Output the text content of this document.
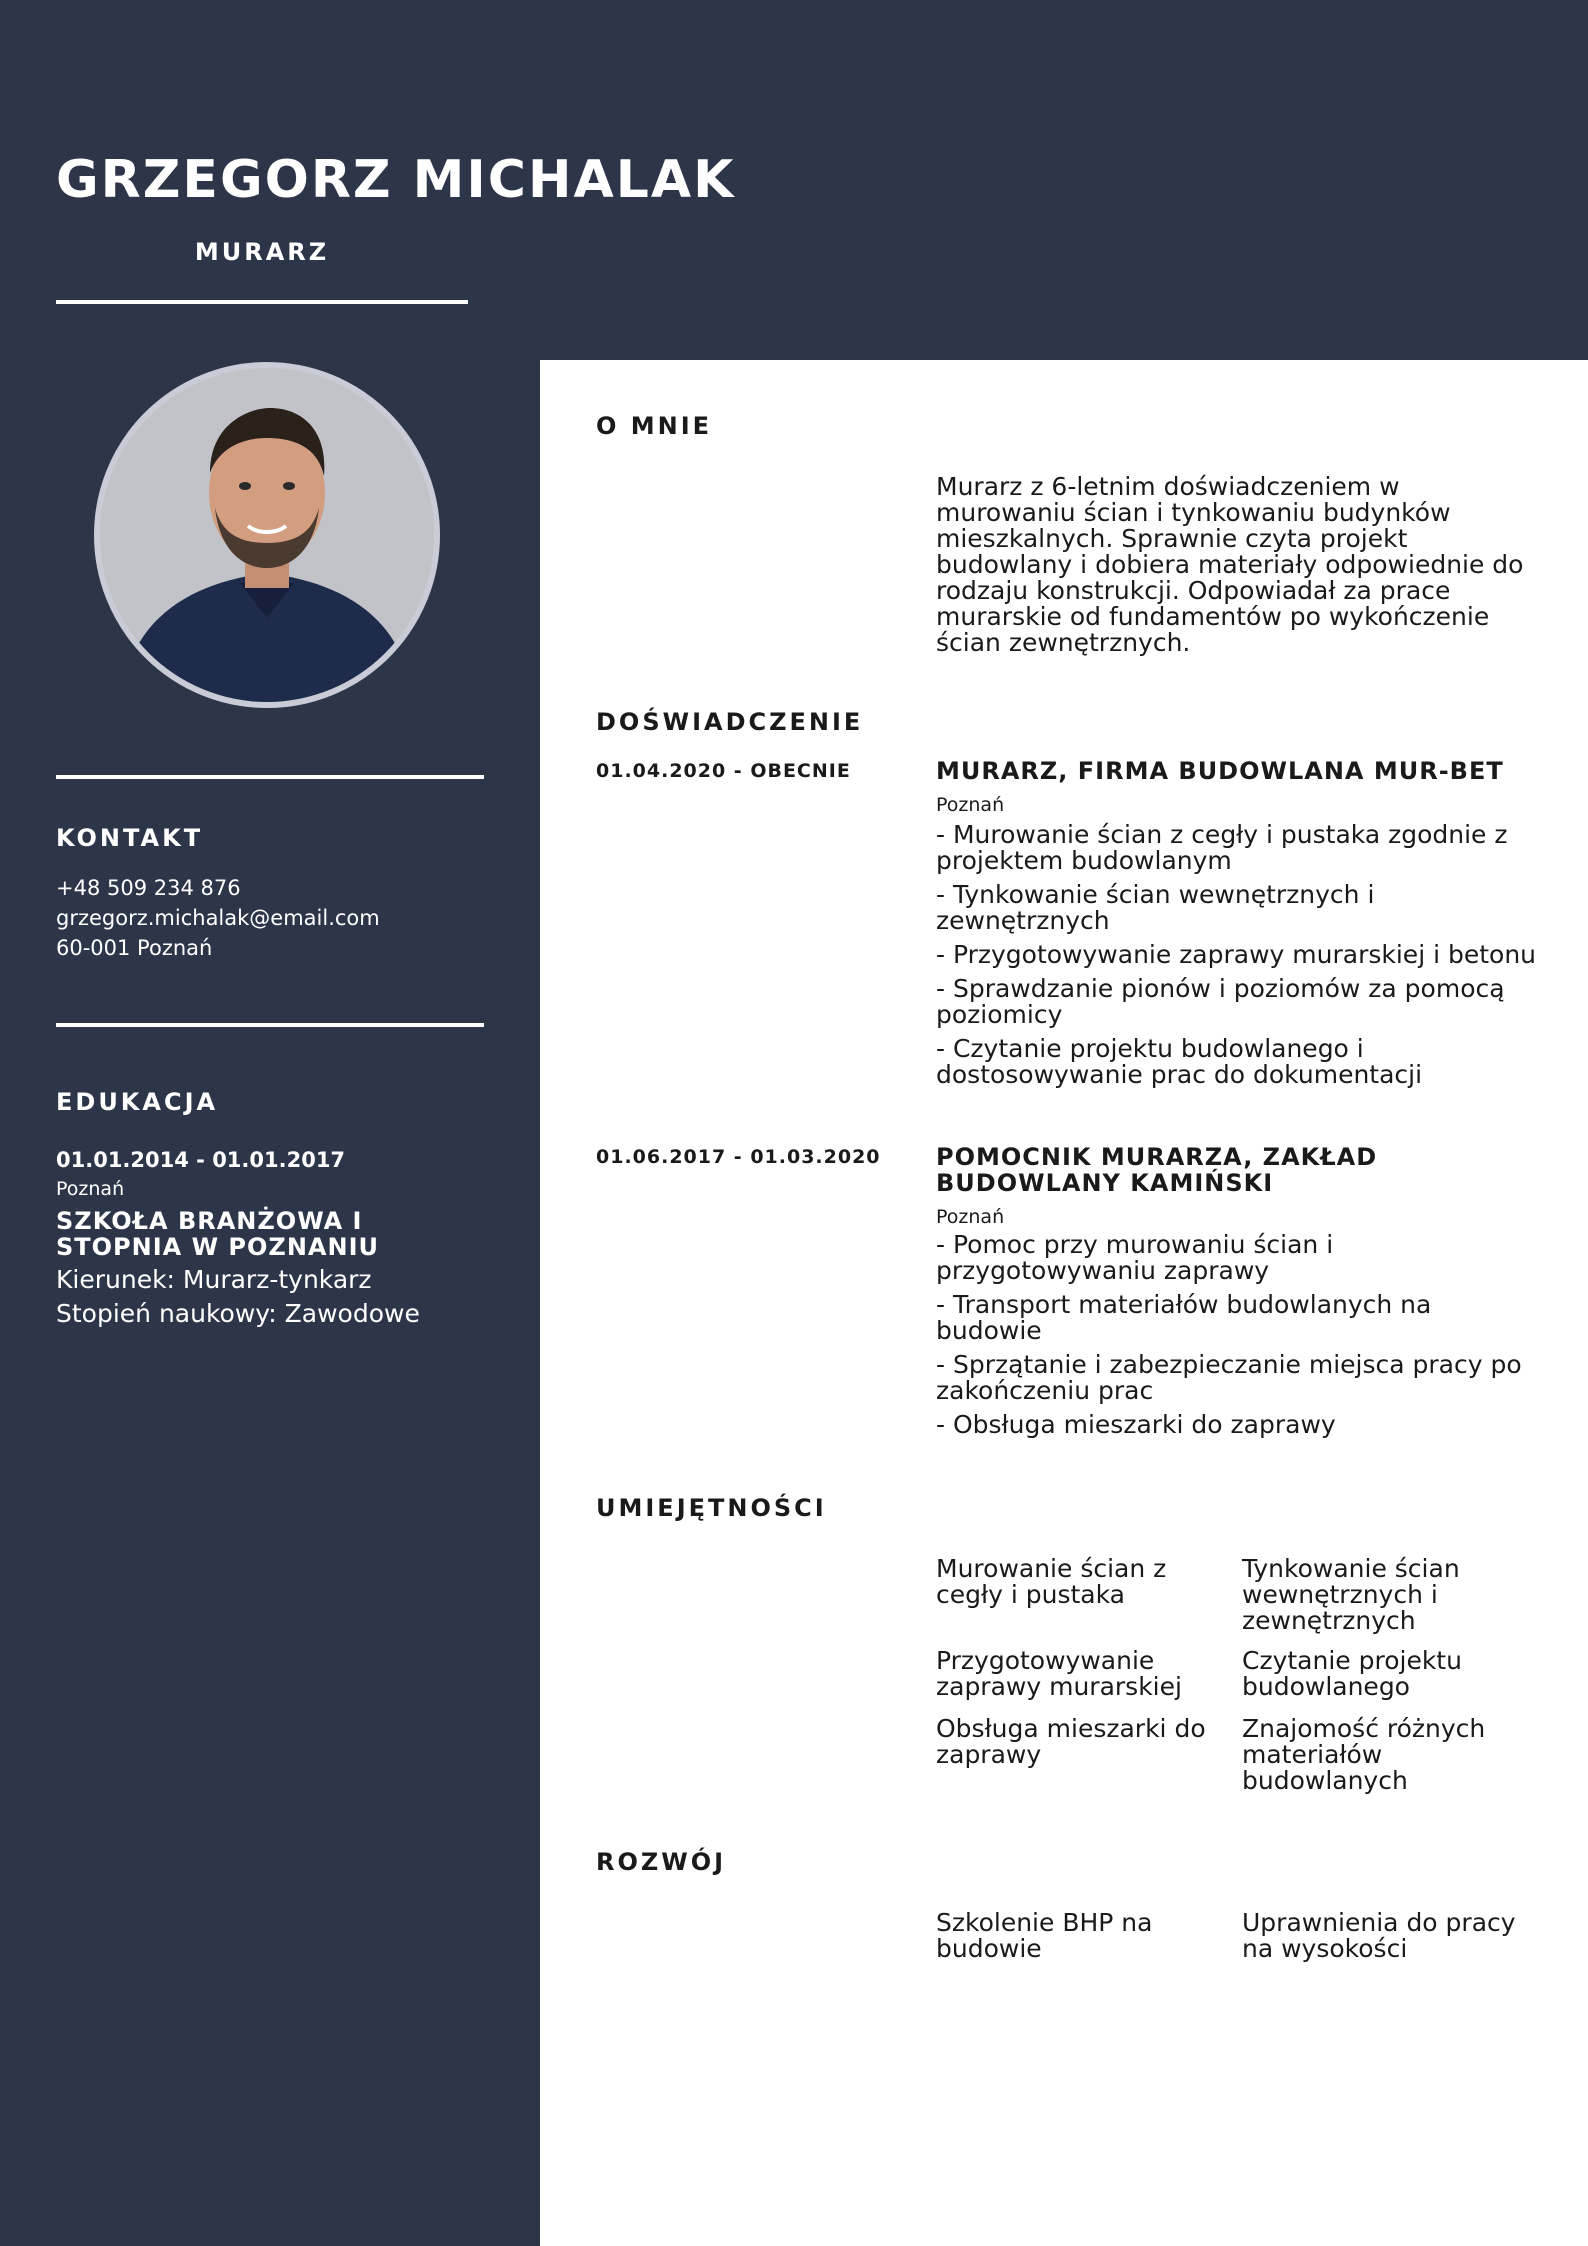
GRZEGORZ MICHALAK
MURARZ
KONTAKT
+48 509 234 876
grzegorz.michalak@email.com
60-001 Poznań
EDUKACJA
01.01.2014 - 01.01.2017
Poznań
SZKOŁA BRANŻOWA I STOPNIA W POZNANIU
Kierunek: Murarz-tynkarz
Stopień naukowy: Zawodowe
O MNIE
Murarz z 6-letnim doświadczeniem w murowaniu ścian i tynkowaniu budynków mieszkalnych. Sprawnie czyta projekt budowlany i dobiera materiały odpowiednie do rodzaju konstrukcji. Odpowiadał za prace murarskie od fundamentów po wykończenie ścian zewnętrznych.
DOŚWIADCZENIE
01.04.2020 - OBECNIE	MURARZ, FIRMA BUDOWLANA MUR-BET
Poznań
- Murowanie ścian z cegły i pustaka zgodnie z projektem budowlanym
- Tynkowanie ścian wewnętrznych i zewnętrznych
- Przygotowywanie zaprawy murarskiej i betonu
- Sprawdzanie pionów i poziomów za pomocą poziomicy
- Czytanie projektu budowlanego i dostosowywanie prac do dokumentacji
01.06.2017 - 01.03.2020 POMOCNIK MURARZA, ZAKŁAD BUDOWLANY KAMIŃSKI
Poznań
- Pomoc przy murowaniu ścian i przygotowywaniu zaprawy
- Transport materiałów budowlanych na budowie
- Sprzątanie i zabezpieczanie miejsca pracy po zakończeniu prac
- Obsługa mieszarki do zaprawy
UMIEJĘTNOŚCI
Murowanie ścian z cegły i pustaka
Tynkowanie ścian wewnętrznych i zewnętrznych
Przygotowywanie zaprawy murarskiej
Czytanie projektu budowlanego
Obsługa mieszarki do zaprawy
Znajomość różnych materiałów budowlanych
ROZWÓJ
Szkolenie BHP na budowie
Uprawnienia do pracy na wysokości
